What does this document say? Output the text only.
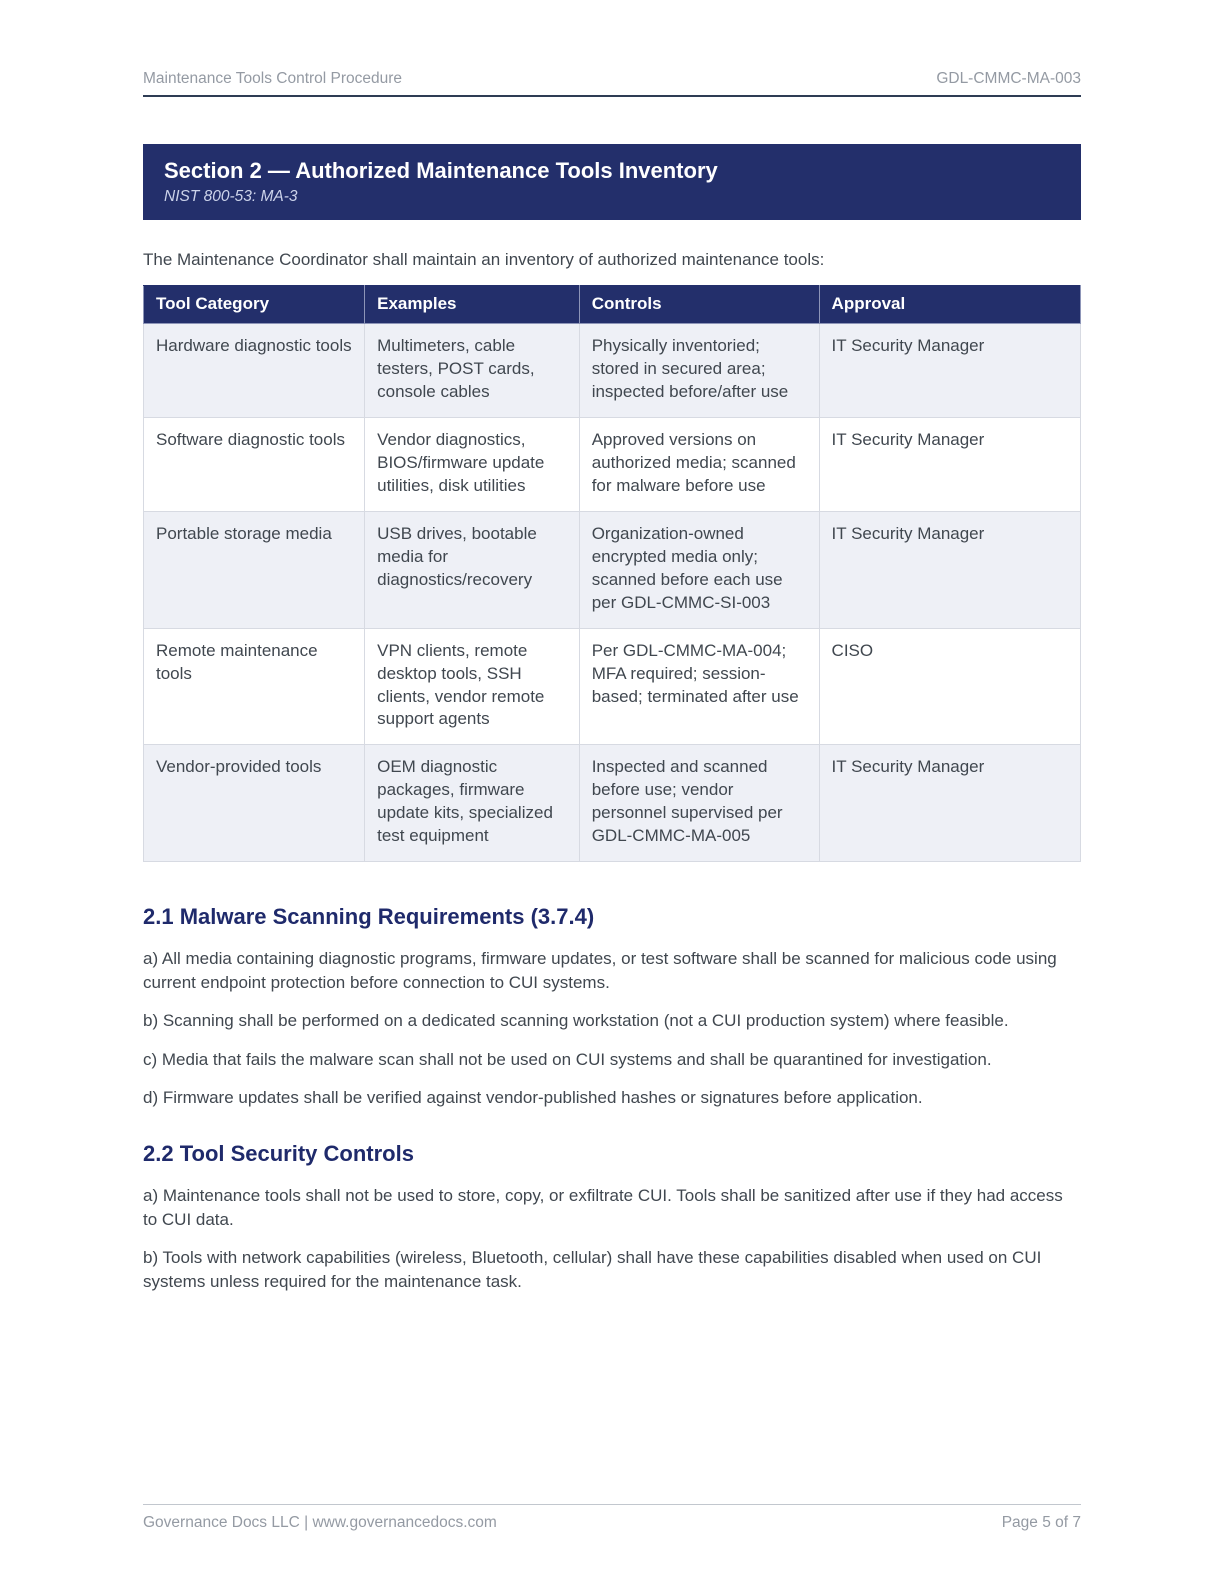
Maintenance Tools Control Procedure	GDL-CMMC-MA-003
Section 2 — Authorized Maintenance Tools Inventory
NIST 800-53: MA-3
The Maintenance Coordinator shall maintain an inventory of authorized maintenance tools:
Tool Category	Examples	Controls	Approval
Hardware diagnostic tools	Multimeters, cable testers, POST cards, console cables	Physically inventoried; stored in secured area; inspected before/after use	IT Security Manager
Software diagnostic tools	Vendor diagnostics, BIOS/firmware update utilities, disk utilities	Approved versions on authorized media; scanned for malware before use	IT Security Manager
Portable storage media	USB drives, bootable media for diagnostics/recovery	Organization-owned encrypted media only; scanned before each use per GDL-CMMC-SI-003	IT Security Manager
Remote maintenance tools	VPN clients, remote desktop tools, SSH clients, vendor remote support agents	Per GDL-CMMC-MA-004; MFA required; session-based; terminated after use	CISO
Vendor-provided tools	OEM diagnostic packages, firmware update kits, specialized test equipment	Inspected and scanned before use; vendor personnel supervised per GDL-CMMC-MA-005	IT Security Manager
2.1 Malware Scanning Requirements (3.7.4)

a) All media containing diagnostic programs, firmware updates, or test software shall be scanned for malicious code using current endpoint protection before connection to CUI systems.

b) Scanning shall be performed on a dedicated scanning workstation (not a CUI production system) where feasible.

c) Media that fails the malware scan shall not be used on CUI systems and shall be quarantined for investigation.

d) Firmware updates shall be verified against vendor-published hashes or signatures before application.

2.2 Tool Security Controls

a) Maintenance tools shall not be used to store, copy, or exfiltrate CUI. Tools shall be sanitized after use if they had access to CUI data.

b) Tools with network capabilities (wireless, Bluetooth, cellular) shall have these capabilities disabled when used on CUI systems unless required for the maintenance task.

Governance Docs LLC | www.governancedocs.com	Page 5 of 7
